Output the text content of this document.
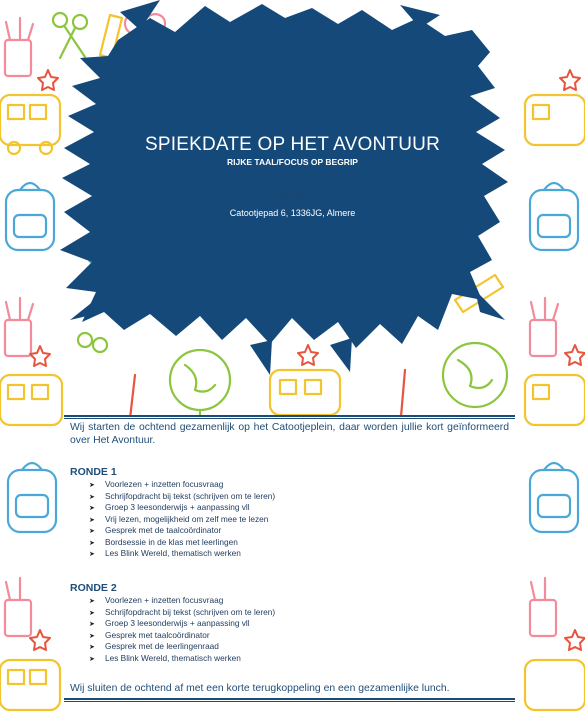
SPIEKDATE OP HET AVONTUUR
RIJKE TAAL/FOCUS OP BEGRIP
Adres
Catootjepad 6, 1336JG, Almere
Wij starten de ochtend gezamenlijk op het Catootjeplein, daar worden jullie kort geïnformeerd over Het Avontuur.
RONDE 1
➤ Voorlezen + inzetten focusvraag
➤ Schrijfopdracht bij tekst (schrijven om te leren)
➤ Groep 3 leesonderwijs + aanpassing vll
➤ Vrij lezen, mogelijkheid om zelf mee te lezen
➤ Gesprek met de taalcoördinator
➤ Bordsessie in de klas met leerlingen
➤ Les Blink Wereld, thematisch werken
RONDE 2
➤ Voorlezen + inzetten focusvraag
➤ Schrijfopdracht bij tekst (schrijven om te leren)
➤ Groep 3 leesonderwijs + aanpassing vll
➤ Gesprek met taalcoördinator
➤ Gesprek met de leerlingenraad
➤ Les Blink Wereld, thematisch werken
Wij sluiten de ochtend af met een korte terugkoppeling en een gezamenlijke lunch.
